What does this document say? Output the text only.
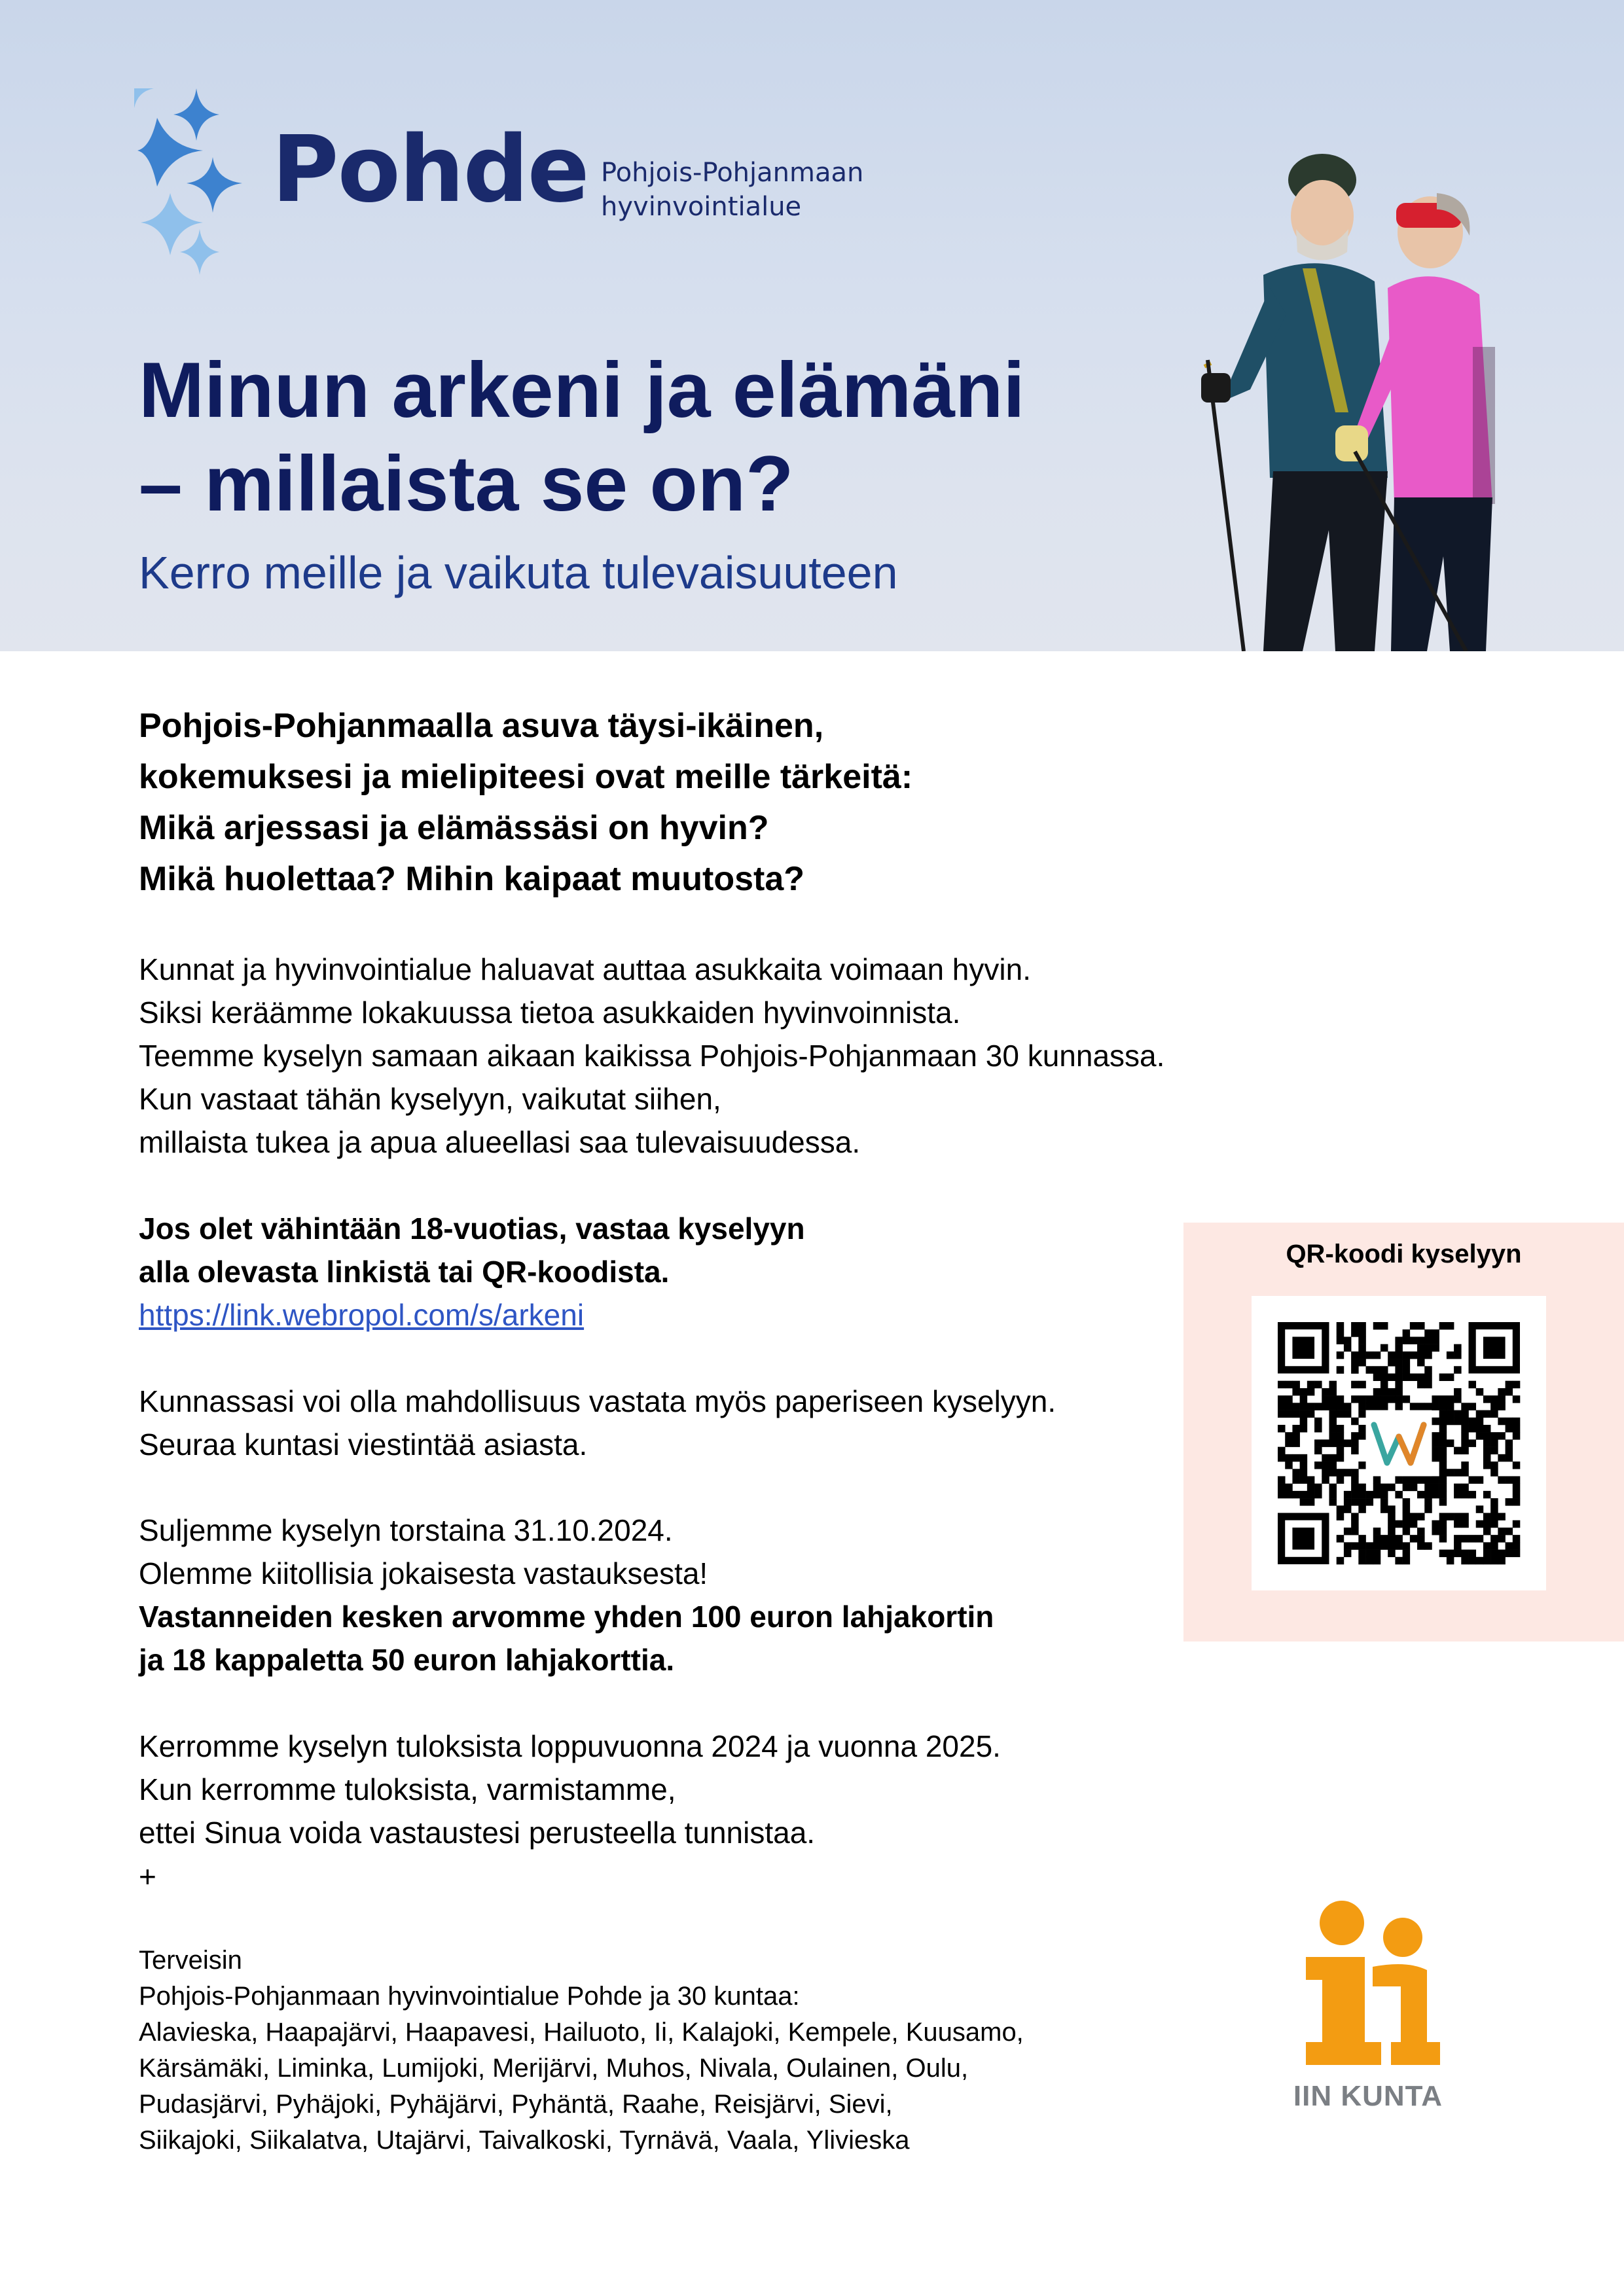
Pohde Pohjois-Pohjanmaan
hyvinvointialue
Minun arkeni ja elämäni
– millaista se on?

Kerro meille ja vaikuta tulevaisuuteen

Pohjois-Pohjanmaalla asuva täysi-ikäinen,
kokemuksesi ja mielipiteesi ovat meille tärkeitä:
Mikä arjessasi ja elämässäsi on hyvin?
Mikä huolettaa? Mihin kaipaat muutosta?
Kunnat ja hyvinvointialue haluavat auttaa asukkaita voimaan hyvin.
Siksi keräämme lokakuussa tietoa asukkaiden hyvinvoinnista.
Teemme kyselyn samaan aikaan kaikissa Pohjois-Pohjanmaan 30 kunnassa.
Kun vastaat tähän kyselyyn, vaikutat siihen,
millaista tukea ja apua alueellasi saa tulevaisuudessa.
Jos olet vähintään 18-vuotias, vastaa kyselyyn
alla olevasta linkistä tai QR-koodista.
https://link.webropol.com/s/arkeni
Kunnassasi voi olla mahdollisuus vastata myös paperiseen kyselyyn.
Seuraa kuntasi viestintää asiasta.
Suljemme kyselyn torstaina 31.10.2024.
Olemme kiitollisia jokaisesta vastauksesta!
Vastanneiden kesken arvomme yhden 100 euron lahjakortin
ja 18 kappaletta 50 euron lahjakorttia.
Kerromme kyselyn tuloksista loppuvuonna 2024 ja vuonna 2025.
Kun kerromme tuloksista, varmistamme,
ettei Sinua voida vastaustesi perusteella tunnistaa.
+
Terveisin
Pohjois-Pohjanmaan hyvinvointialue Pohde ja 30 kuntaa:
Alavieska, Haapajärvi, Haapavesi, Hailuoto, Ii, Kalajoki, Kempele, Kuusamo,
Kärsämäki, Liminka, Lumijoki, Merijärvi, Muhos, Nivala, Oulainen, Oulu,
Pudasjärvi, Pyhäjoki, Pyhäjärvi, Pyhäntä, Raahe, Reisjärvi, Sievi,
Siikajoki, Siikalatva, Utajärvi, Taivalkoski, Tyrnävä, Vaala, Ylivieska
QR-koodi kyselyyn
IIN KUNTA
